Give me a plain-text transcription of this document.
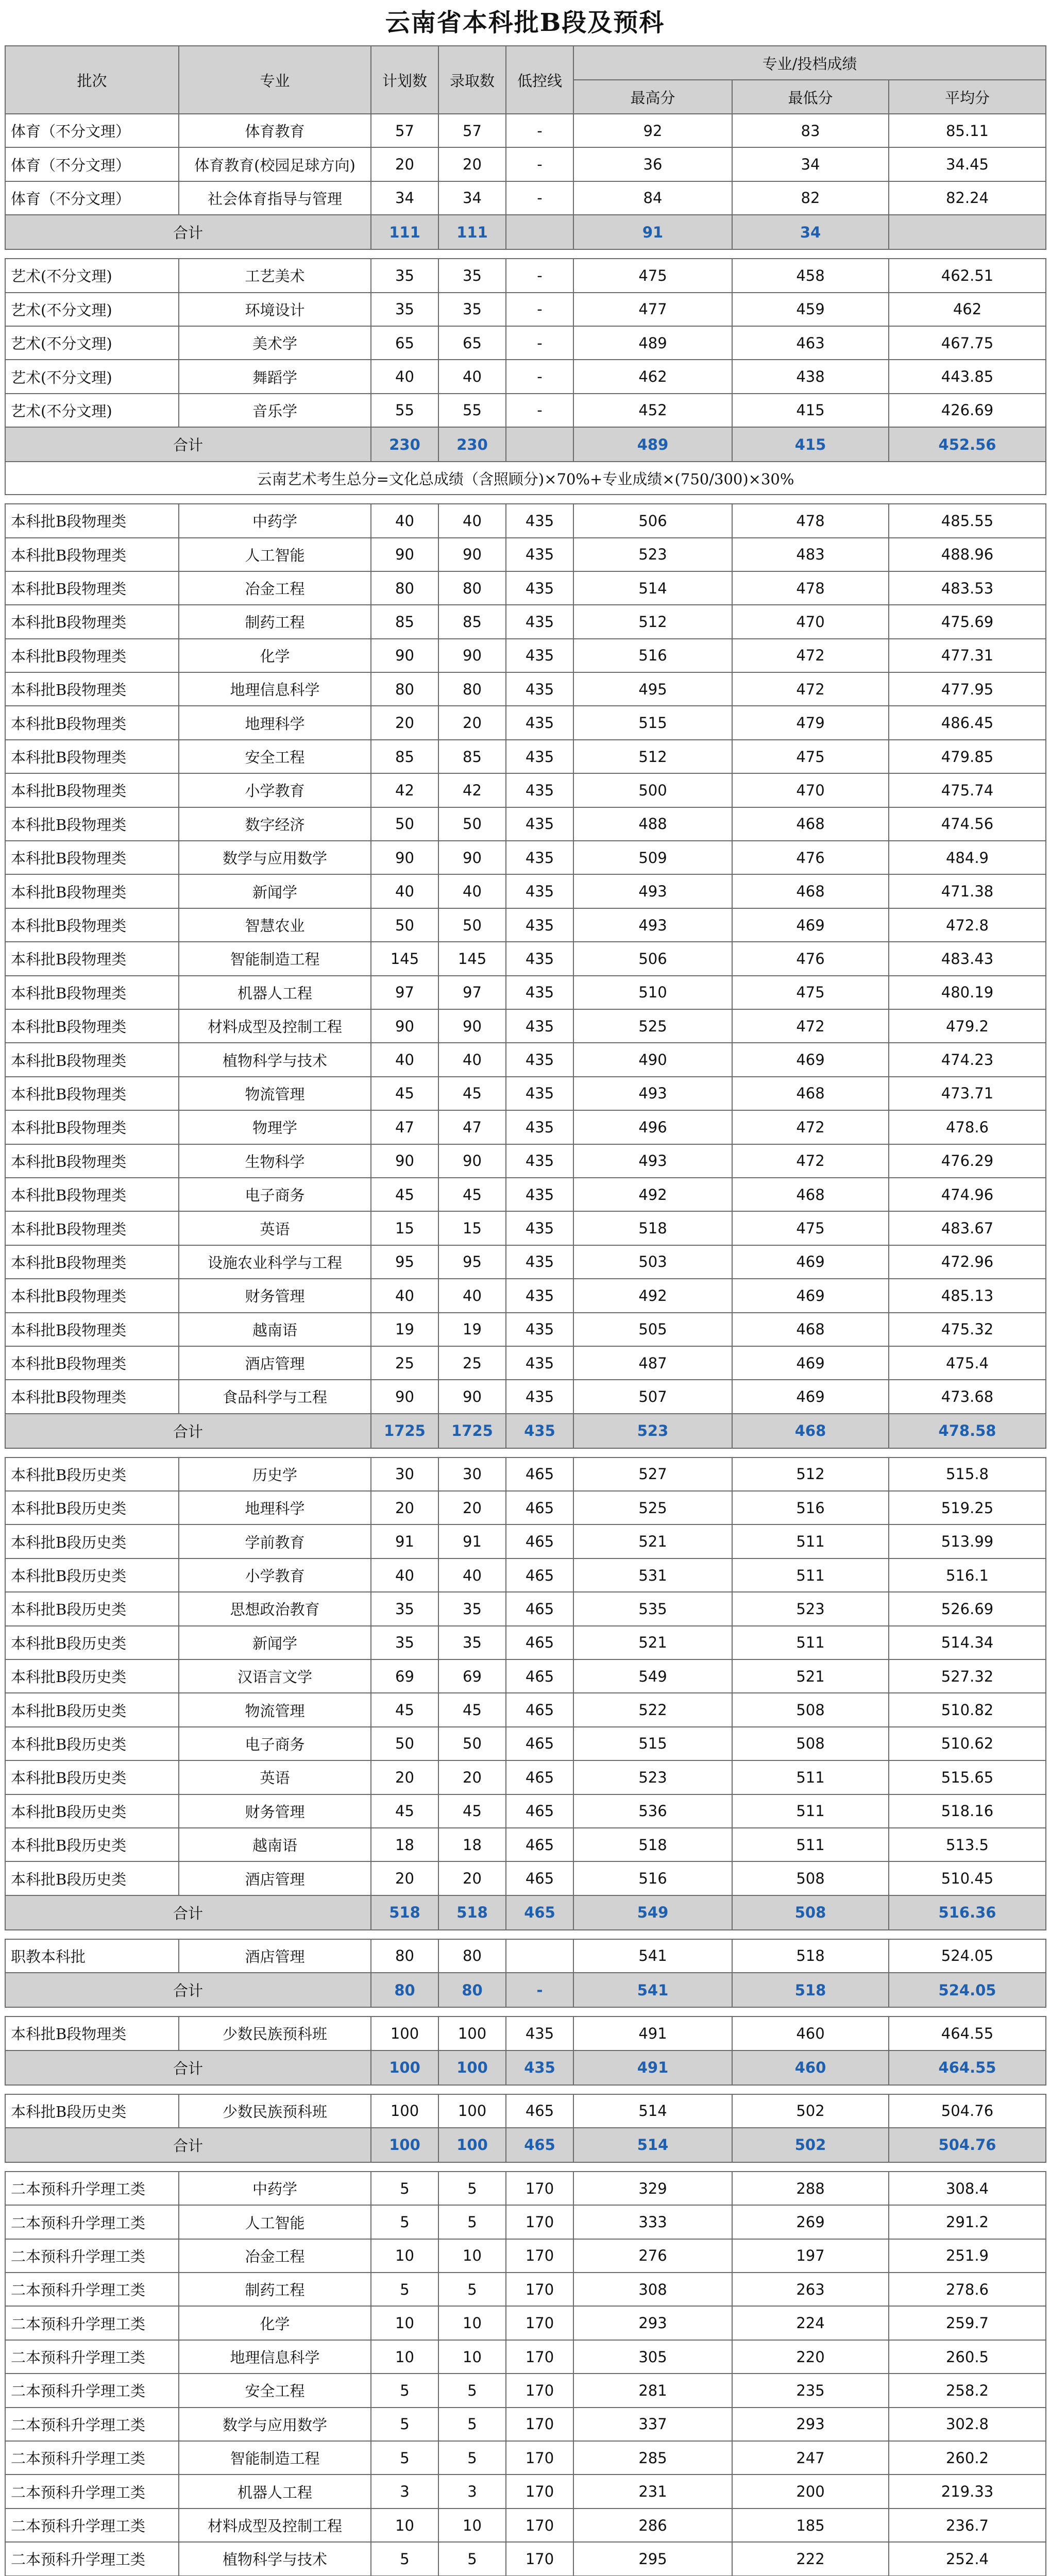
云南省本科批B段及预科
批次	专业	计划数	录取数	低控线	专业/投档成绩		
					最高分	最低分	平均分
体育（不分文理）	体育教育	57	57	-	92	83	85.11
体育（不分文理）	体育教育(校园足球方向)	20	20	-	36	34	34.45
体育（不分文理）	社会体育指导与管理	34	34	-	84	82	82.24
合计		111	111		91	34	

艺术(不分文理)	工艺美术	35	35	-	475	458	462.51
艺术(不分文理)	环境设计	35	35	-	477	459	462
艺术(不分文理)	美术学	65	65	-	489	463	467.75
艺术(不分文理)	舞蹈学	40	40	-	462	438	443.85
艺术(不分文理)	音乐学	55	55	-	452	415	426.69
合计		230	230		489	415	452.56
云南艺术考生总分=文化总成绩（含照顾分)×70%+专业成绩×(750/300)×30%							

本科批B段物理类	中药学	40	40	435	506	478	485.55
本科批B段物理类	人工智能	90	90	435	523	483	488.96
本科批B段物理类	冶金工程	80	80	435	514	478	483.53
本科批B段物理类	制药工程	85	85	435	512	470	475.69
本科批B段物理类	化学	90	90	435	516	472	477.31
本科批B段物理类	地理信息科学	80	80	435	495	472	477.95
本科批B段物理类	地理科学	20	20	435	515	479	486.45
本科批B段物理类	安全工程	85	85	435	512	475	479.85
本科批B段物理类	小学教育	42	42	435	500	470	475.74
本科批B段物理类	数字经济	50	50	435	488	468	474.56
本科批B段物理类	数学与应用数学	90	90	435	509	476	484.9
本科批B段物理类	新闻学	40	40	435	493	468	471.38
本科批B段物理类	智慧农业	50	50	435	493	469	472.8
本科批B段物理类	智能制造工程	145	145	435	506	476	483.43
本科批B段物理类	机器人工程	97	97	435	510	475	480.19
本科批B段物理类	材料成型及控制工程	90	90	435	525	472	479.2
本科批B段物理类	植物科学与技术	40	40	435	490	469	474.23
本科批B段物理类	物流管理	45	45	435	493	468	473.71
本科批B段物理类	物理学	47	47	435	496	472	478.6
本科批B段物理类	生物科学	90	90	435	493	472	476.29
本科批B段物理类	电子商务	45	45	435	492	468	474.96
本科批B段物理类	英语	15	15	435	518	475	483.67
本科批B段物理类	设施农业科学与工程	95	95	435	503	469	472.96
本科批B段物理类	财务管理	40	40	435	492	469	485.13
本科批B段物理类	越南语	19	19	435	505	468	475.32
本科批B段物理类	酒店管理	25	25	435	487	469	475.4
本科批B段物理类	食品科学与工程	90	90	435	507	469	473.68
合计		1725	1725	435	523	468	478.58

本科批B段历史类	历史学	30	30	465	527	512	515.8
本科批B段历史类	地理科学	20	20	465	525	516	519.25
本科批B段历史类	学前教育	91	91	465	521	511	513.99
本科批B段历史类	小学教育	40	40	465	531	511	516.1
本科批B段历史类	思想政治教育	35	35	465	535	523	526.69
本科批B段历史类	新闻学	35	35	465	521	511	514.34
本科批B段历史类	汉语言文学	69	69	465	549	521	527.32
本科批B段历史类	物流管理	45	45	465	522	508	510.82
本科批B段历史类	电子商务	50	50	465	515	508	510.62
本科批B段历史类	英语	20	20	465	523	511	515.65
本科批B段历史类	财务管理	45	45	465	536	511	518.16
本科批B段历史类	越南语	18	18	465	518	511	513.5
本科批B段历史类	酒店管理	20	20	465	516	508	510.45
合计		518	518	465	549	508	516.36

职教本科批	酒店管理	80	80		541	518	524.05
合计		80	80	-	541	518	524.05

本科批B段物理类	少数民族预科班	100	100	435	491	460	464.55
合计		100	100	435	491	460	464.55

本科批B段历史类	少数民族预科班	100	100	465	514	502	504.76
合计		100	100	465	514	502	504.76

二本预科升学理工类	中药学	5	5	170	329	288	308.4
二本预科升学理工类	人工智能	5	5	170	333	269	291.2
二本预科升学理工类	冶金工程	10	10	170	276	197	251.9
二本预科升学理工类	制药工程	5	5	170	308	263	278.6
二本预科升学理工类	化学	10	10	170	293	224	259.7
二本预科升学理工类	地理信息科学	10	10	170	305	220	260.5
二本预科升学理工类	安全工程	5	5	170	281	235	258.2
二本预科升学理工类	数学与应用数学	5	5	170	337	293	302.8
二本预科升学理工类	智能制造工程	5	5	170	285	247	260.2
二本预科升学理工类	机器人工程	3	3	170	231	200	219.33
二本预科升学理工类	材料成型及控制工程	10	10	170	286	185	236.7
二本预科升学理工类	植物科学与技术	5	5	170	295	222	252.4
